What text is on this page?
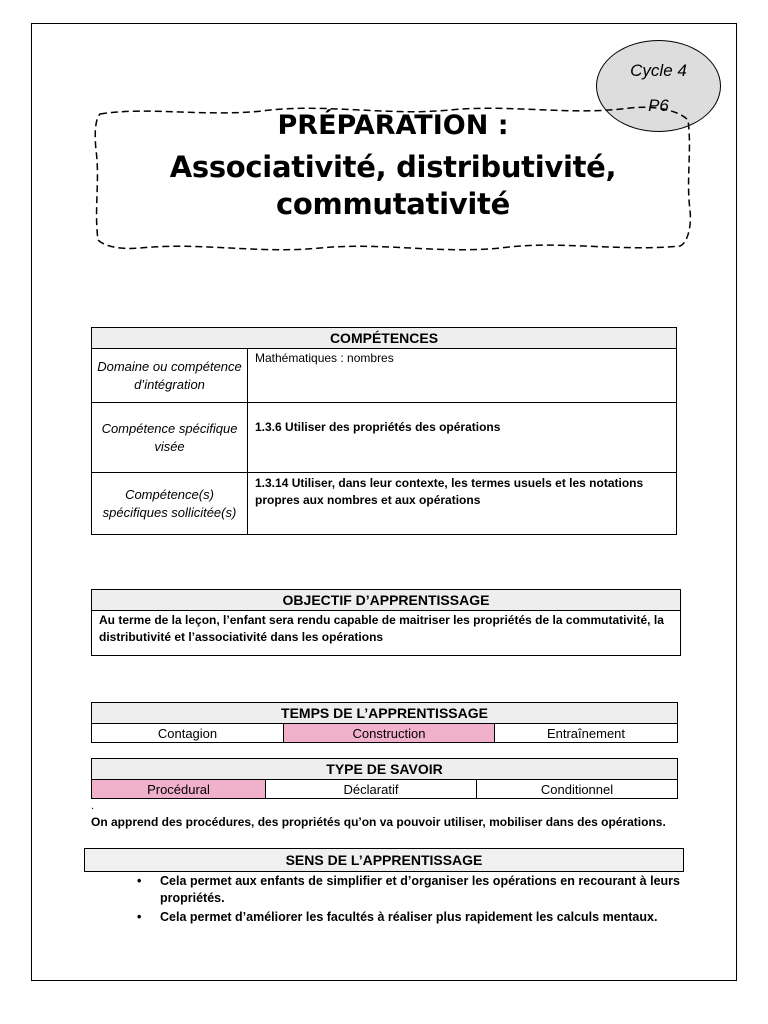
Cycle 4
P6
PRÉPARATION :
Associativité, distributivité,
commutativité
COMPÉTENCES	
Domaine ou compétence d’intégration	Mathématiques : nombres
Compétence spécifique visée	1.3.6 Utiliser des propriétés des opérations
Compétence(s) spécifiques sollicitée(s)	1.3.14 Utiliser, dans leur contexte, les termes usuels et les notations propres aux nombres et aux opérations
OBJECTIF D’APPRENTISSAGE
Au terme de la leçon, l’enfant sera rendu capable de maitriser les propriétés de la commutativité, la distributivité et l’associativité dans les opérations
TEMPS DE L’APPRENTISSAGE
Contagion	Construction	Entraînement
TYPE DE SAVOIR
Procédural	Déclaratif	Conditionnel
.
On apprend des procédures, des propriétés qu’on va pouvoir utiliser, mobiliser dans des opérations.
SENS DE L’APPRENTISSAGE
• Cela permet aux enfants de simplifier et d’organiser les opérations en recourant à leurs propriétés.
• Cela permet d’améliorer les facultés à réaliser plus rapidement les calculs mentaux.
